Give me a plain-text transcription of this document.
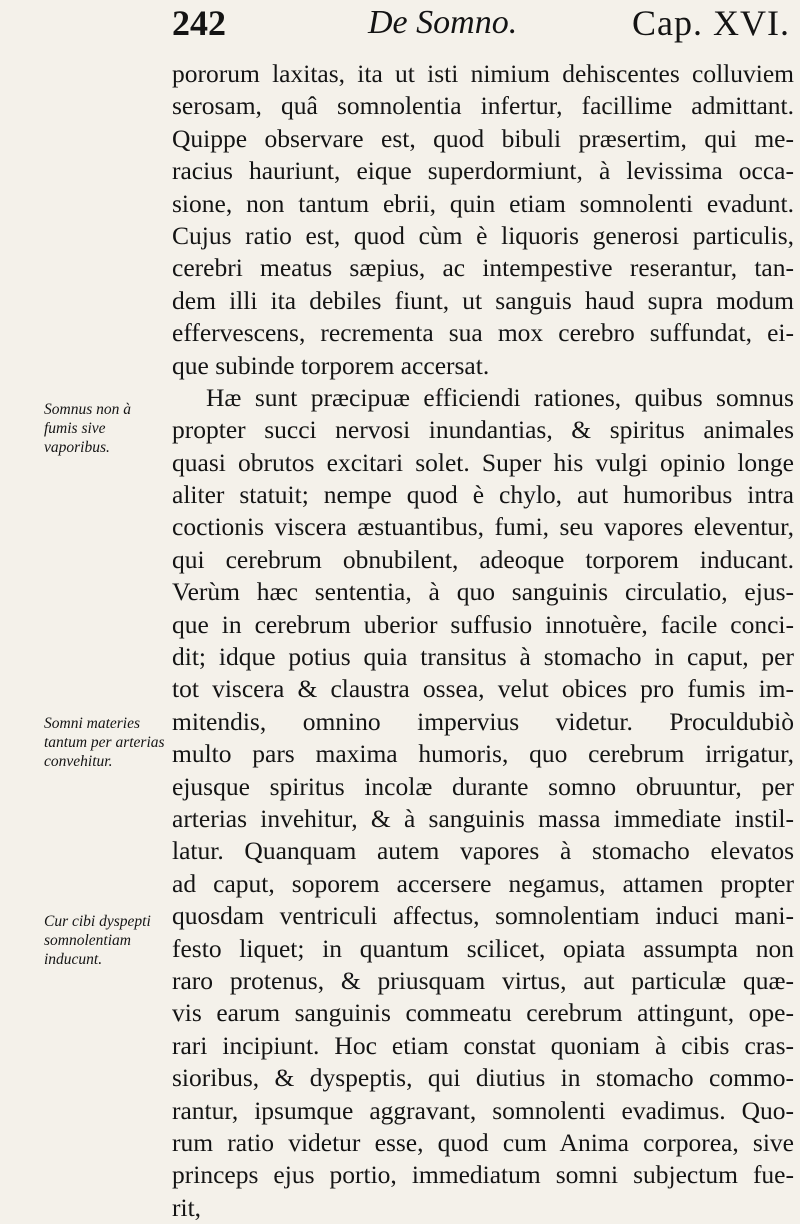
242	De Somno.	Cap. XVI.
Somnus non à fumis sive vaporibus.
Somni materies tantum per arterias convehitur.
Cur cibi dyspepti somnolentiam inducunt.
pororum laxitas, ita ut isti nimium dehiscentes colluviem
serosam, quâ somnolentia infertur, facillime admittant.
Quippe observare est, quod bibuli præsertim, qui me-
racius hauriunt, eique superdormiunt, à levissima occa-
sione, non tantum ebrii, quin etiam somnolenti evadunt.
Cujus ratio est, quod cùm è liquoris generosi particulis,
cerebri meatus sæpius, ac intempestive reserantur, tan-
dem illi ita debiles fiunt, ut sanguis haud supra modum
effervescens, recrementa sua mox cerebro suffundat, ei-
que subinde torporem accersat.
Hæ sunt præcipuæ efficiendi rationes, quibus somnus
propter succi nervosi inundantias, & spiritus animales
quasi obrutos excitari solet. Super his vulgi opinio longe
aliter statuit; nempe quod è chylo, aut humoribus intra
coctionis viscera æstuantibus, fumi, seu vapores eleventur,
qui cerebrum obnubilent, adeoque torporem inducant.
Verùm hæc sententia, à quo sanguinis circulatio, ejus-
que in cerebrum uberior suffusio innotuère, facile conci-
dit; idque potius quia transitus à stomacho in caput, per
tot viscera & claustra ossea, velut obices pro fumis im-
mitendis, omnino impervius videtur. Proculdubiò
multo pars maxima humoris, quo cerebrum irrigatur,
ejusque spiritus incolæ durante somno obruuntur, per
arterias invehitur, & à sanguinis massa immediate instil-
latur. Quanquam autem vapores à stomacho elevatos
ad caput, soporem accersere negamus, attamen propter
quosdam ventriculi affectus, somnolentiam induci mani-
festo liquet; in quantum scilicet, opiata assumpta non
raro protenus, & priusquam virtus, aut particulæ quæ-
vis earum sanguinis commeatu cerebrum attingunt, ope-
rari incipiunt. Hoc etiam constat quoniam à cibis cras-
sioribus, & dyspeptis, qui diutius in stomacho commo-
rantur, ipsumque aggravant, somnolenti evadimus. Quo-
rum ratio videtur esse, quod cum Anima corporea, sive
princeps ejus portio, immediatum somni subjectum fue-
rit,
